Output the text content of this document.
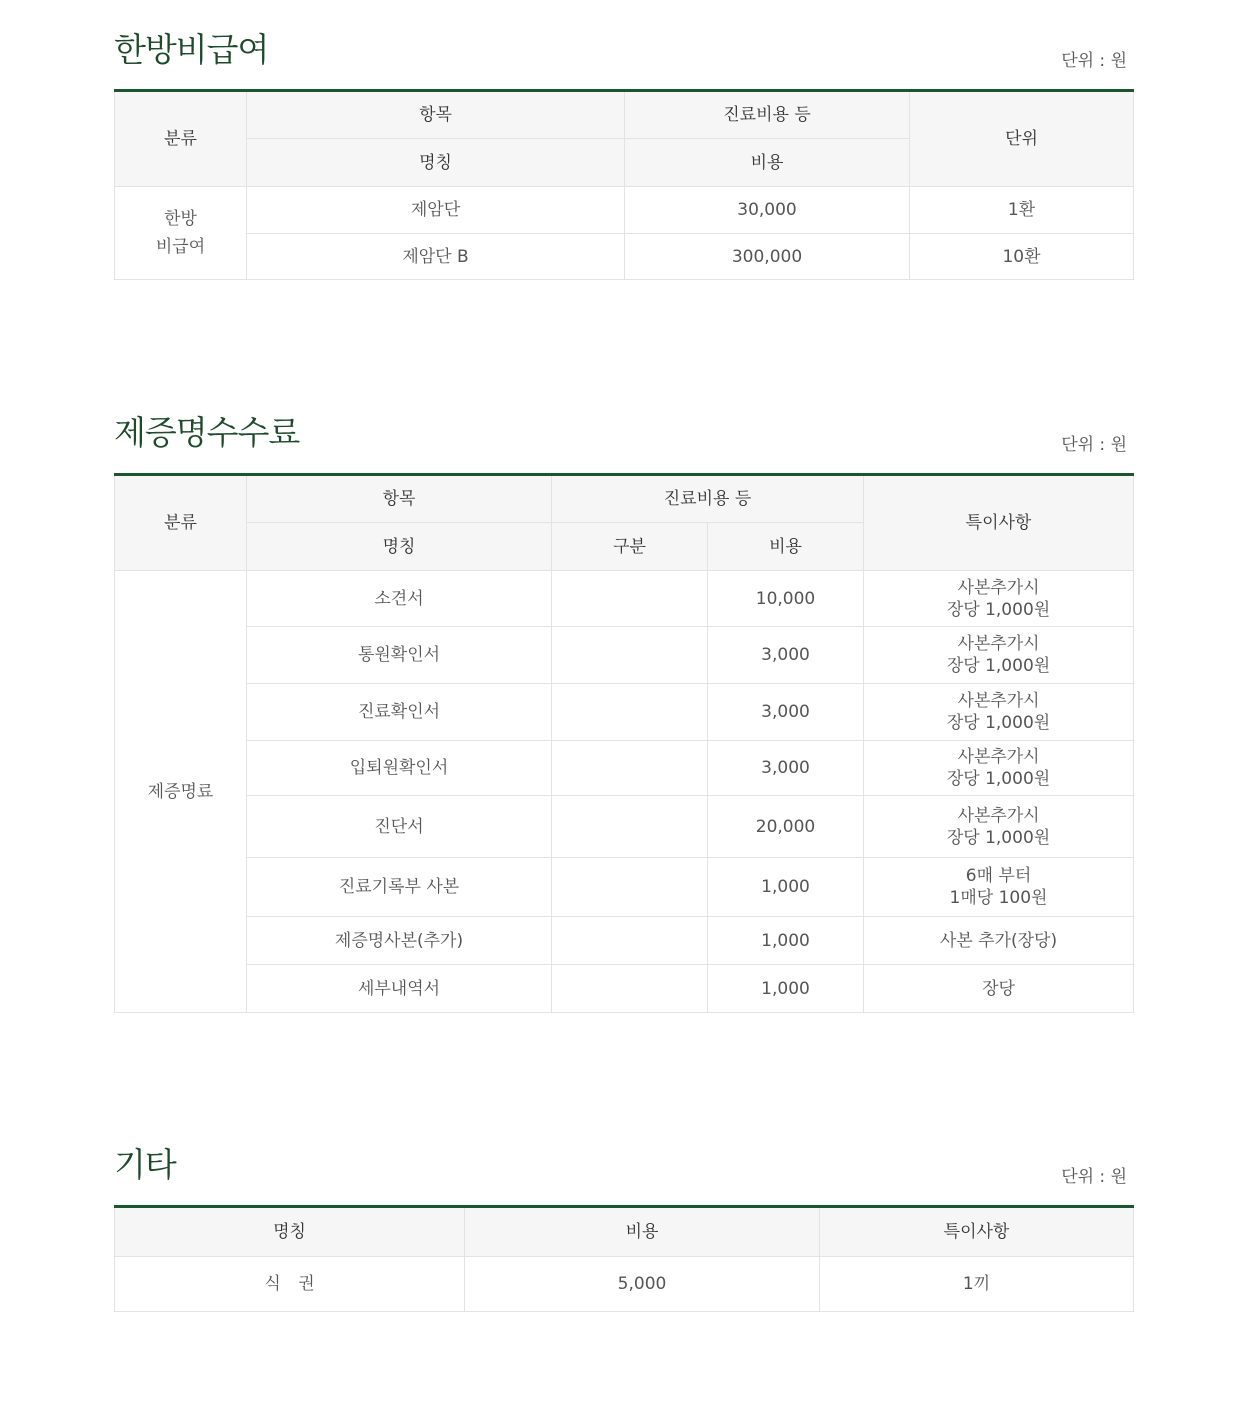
한방비급여	단위 : 원
분류	항목	진료비용 등	단위
	명칭	비용	

한방
비급여	제암단	30,000	1환
	제암단 B	300,000	10환
제증명수수료	단위 : 원
분류	항목	진료비용 등		특이사항
	명칭	구분	비용	
제증명료	소견서		10,000	사본추가시
장당 1,000원

	통원확인서		3,000	사본추가시
장당 1,000원

	진료확인서		3,000	사본추가시
장당 1,000원

	입퇴원확인서		3,000	사본추가시
장당 1,000원

	진단서		20,000	사본추가시
장당 1,000원

	진료기록부 사본		1,000	6매 부터
1매당 100원

	제증명사본(추가)		1,000	사본 추가(장당)
	세부내역서		1,000	장당
기타	단위 : 원
명칭	비용	특이사항
식 권	5,000	1끼
